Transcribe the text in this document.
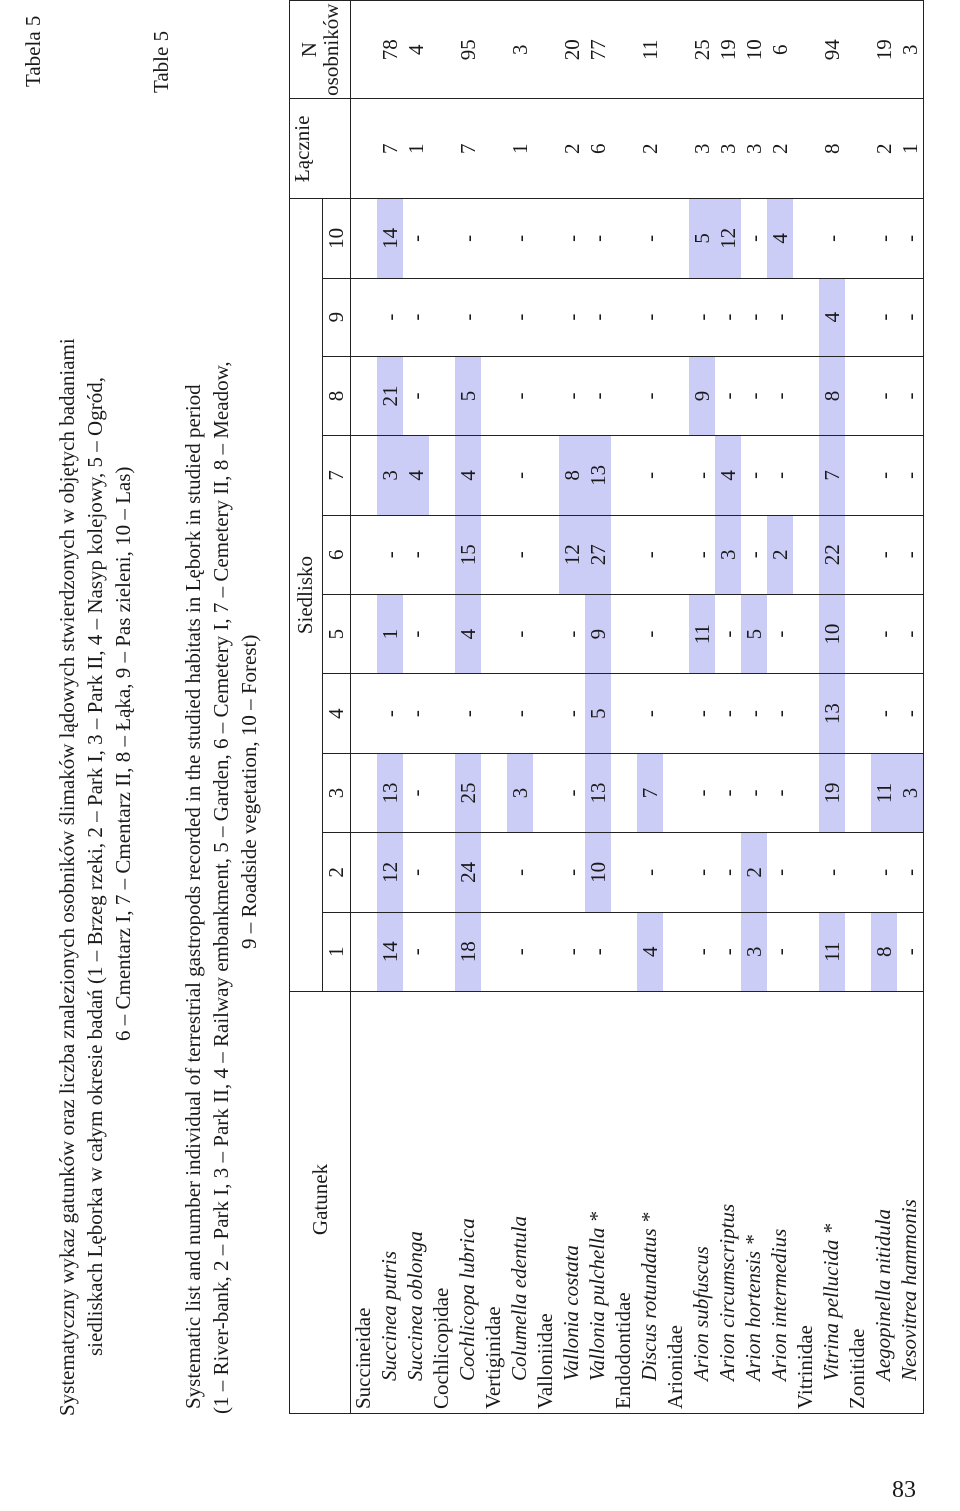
Tabela 5
Systematyczny wykaz gatunków oraz liczba znalezionych osobników ślimaków lądowych stwierdzonych w objętych badaniami siedliskach Lęborka w całym okresie badań (1 – Brzeg rzeki, 2 – Park I, 3 – Park II, 4 – Nasyp kolejowy, 5 – Ogród, 6 – Cmentarz I, 7 – Cmentarz II, 8 – Łąka, 9 – Pas zieleni, 10 – Las)
Table 5
Systematic list and number individual of terrestrial gastropods recorded in the studied habitats in Lębork in studied period (1 – River-bank, 2 – Park I, 3 – Park II, 4 – Railway embankment, 5 – Garden, 6 – Cemetery I, 7 – Cemetery II, 8 – Meadow, 9 – Roadside vegetation, 10 – Forest)
Gatunek	Siedlisko										Łącznie	N
osobników
	1	2	3	4	5	6	7	8	9	10		
Succineidae												
Succinea putris	14	12	13	-	1	-	3	21	-	14	7	78
Succinea oblonga	-	-	-	-	-	-	4	-	-	-	1	4
Cochlicopidae												
Cochlicopa lubrica	18	24	25	-	4	15	4	5	-	-	7	95
Vertiginidae												
Columella edentula	-	-	3	-	-	-	-	-	-	-	1	3
Valloniidae												
Vallonia costata	-	-	-	-	-	12	8	-	-	-	2	20
Vallonia pulchella *	-	10	13	5	9	27	13	-	-	-	6	77
Endodontidae												
Discus rotundatus *	4	-	7	-	-	-	-	-	-	-	2	11
Arionidae												
Arion subfuscus	-	-	-	-	11	-	-	9	-	5	3	25
Arion circumscriptus	-	-	-	-	-	3	4	-	-	12	3	19
Arion hortensis *	3	2	-	-	5	-	-	-	-	-	3	10
Arion intermedius	-	-	-	-	-	2	-	-	-	4	2	6
Vitrinidae												
Vitrina pellucida *	11	-	19	13	10	22	7	8	4	-	8	94
Zonitidae												
Aegopinella nitidula	8	-	11	-	-	-	-	-	-	-	2	19
Nesovitrea hammonis	-	-	3	-	-	-	-	-	-	-	1	3
83
